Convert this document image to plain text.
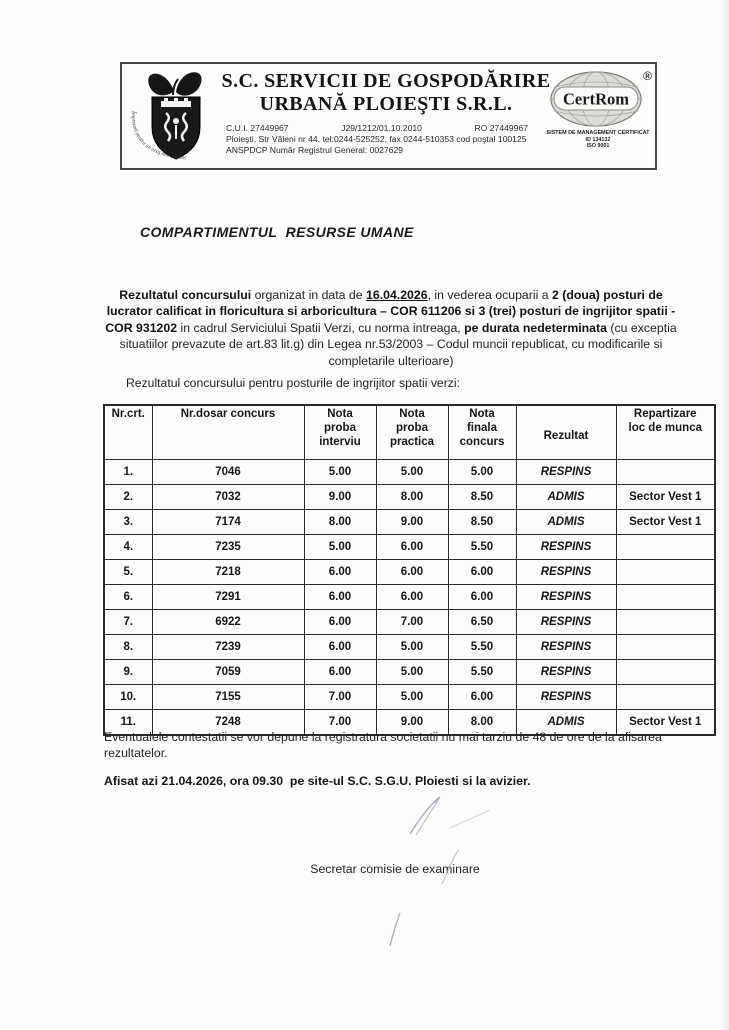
Împreună pentru un oraş mai frumos
S.C. SERVICII DE GOSPODĂRIRE
URBANĂ PLOIEŞTI S.R.L.
C.U.I. 27449967	J29/1212/01.10.2010	RO 27449967
Ploieşti, Str Văleni nr 44, tel:0244-525252, fax 0244-510353 cod poştal 100125
ANSPDCP Număr Registrul General: 0027629
®
CertRom
SISTEM DE MANAGEMENT CERTIFICAT
ID 134132
ISO 9001
COMPARTIMENTUL  RESURSE UMANE

Rezultatul concursului organizat in data de 16.04.2026, in vederea ocuparii a 2 (doua) posturi de lucrator calificat in floricultura si arboricultura – COR 611206 si 3 (trei) posturi de ingrijitor spatii - COR 931202 in cadrul Serviciului Spatii Verzi, cu norma intreaga, pe durata nedeterminata (cu exceptia situatiilor prevazute de art.83 lit.g) din Legea nr.53/2003 – Codul muncii republicat, cu modificarile si completarile ulterioare)

Rezultatul concursului pentru posturile de ingrijitor spatii verzi:
Nr.crt.	Nr.dosar concurs	Nota
proba
interviu	Nota
proba
practica	Nota
finala
concurs	Rezultat	Repartizare
loc de munca
1.	7046	5.00	5.00	5.00	RESPINS	
2.	7032	9.00	8.00	8.50	ADMIS	Sector Vest 1
3.	7174	8.00	9.00	8.50	ADMIS	Sector Vest 1
4.	7235	5.00	6.00	5.50	RESPINS	
5.	7218	6.00	6.00	6.00	RESPINS	
6.	7291	6.00	6.00	6.00	RESPINS	
7.	6922	6.00	7.00	6.50	RESPINS	
8.	7239	6.00	5.00	5.50	RESPINS	
9.	7059	6.00	5.00	5.50	RESPINS	
10.	7155	7.00	5.00	6.00	RESPINS	
11.	7248	7.00	9.00	8.00	ADMIS	Sector Vest 1

Eventualele contestatii se vor depune la registratura societatii nu mai tarziu de 48 de ore de la afisarea rezultatelor.

Afisat azi 21.04.2026, ora 09.30  pe site-ul S.C. S.G.U. Ploiesti si la avizier.
Secretar comisie de examinare
